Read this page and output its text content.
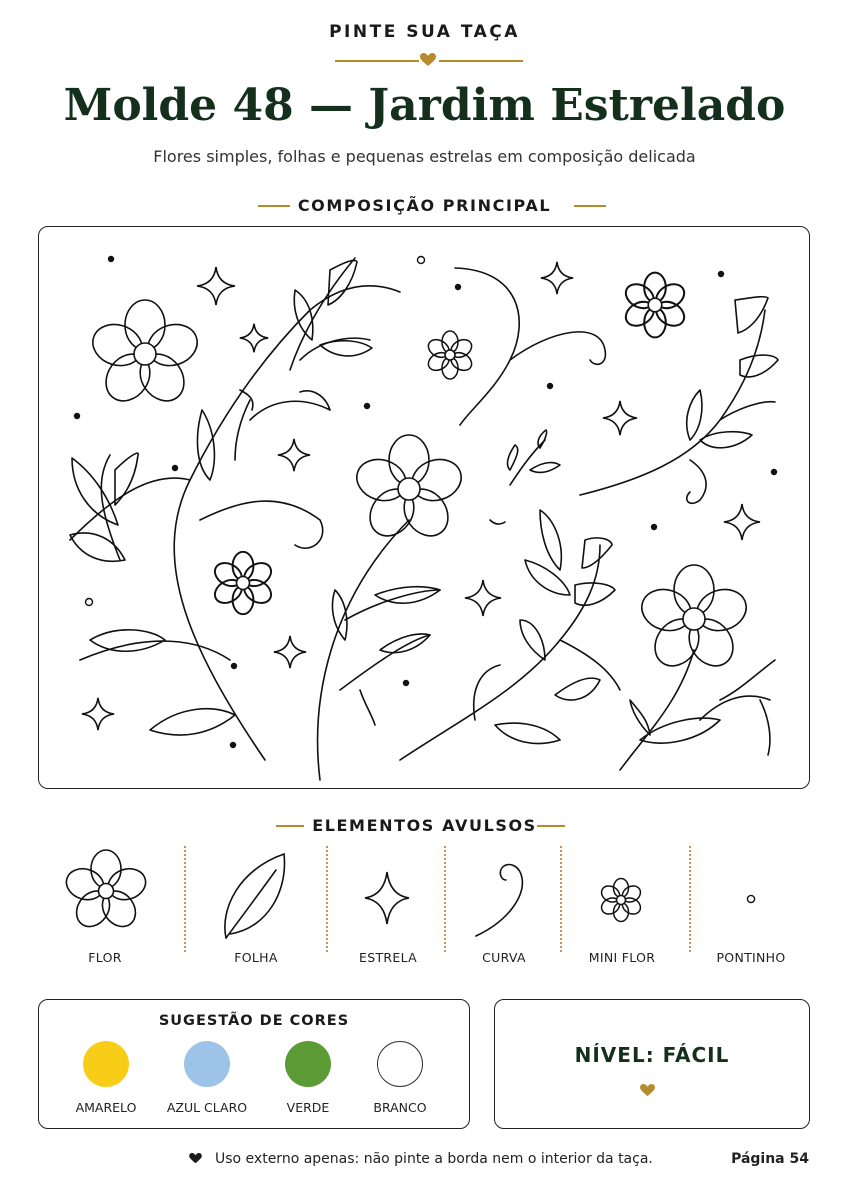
PINTE SUA TAÇA
Molde 48 — Jardim Estrelado
Flores simples, folhas e pequenas estrelas em composição delicada
COMPOSIÇÃO PRINCIPAL
ELEMENTOS AVULSOS
FLOR	FOLHA	ESTRELA	CURVA	MINI FLOR	PONTINHO
SUGESTÃO DE CORES
AMARELO	AZUL CLARO	VERDE	BRANCO
NÍVEL: FÁCIL
Uso externo apenas: não pinte a borda nem o interior da taça.	Página 54
